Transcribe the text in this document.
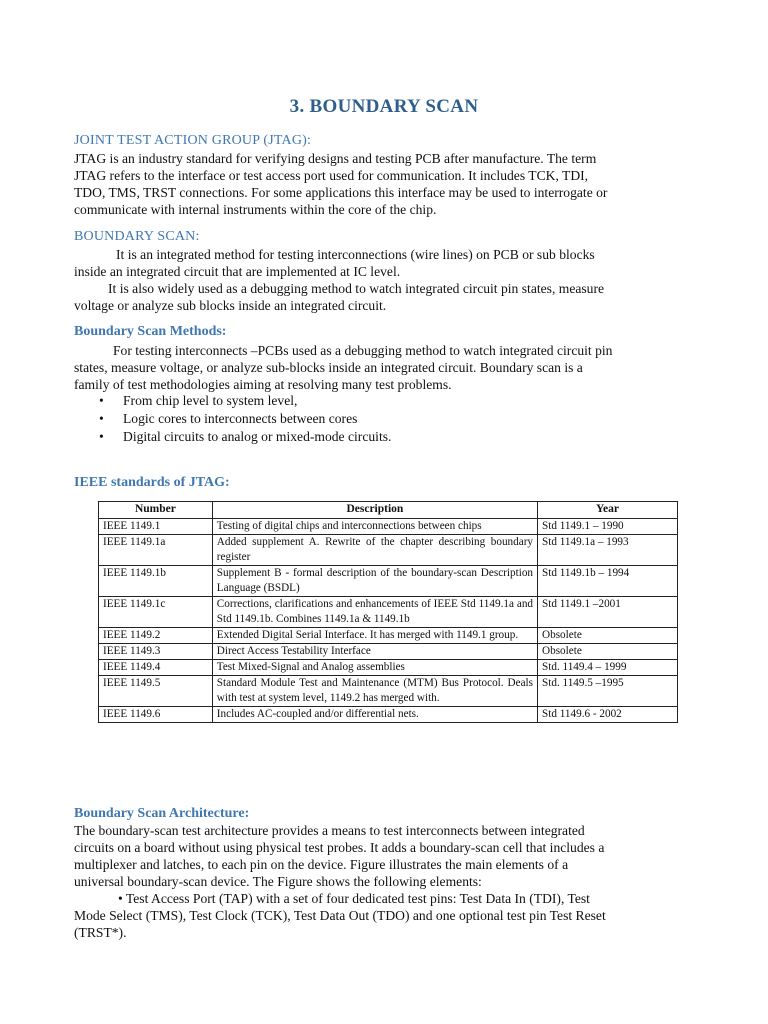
3. BOUNDARY SCAN
JOINT TEST ACTION GROUP (JTAG):
JTAG is an industry standard for verifying designs and testing PCB after manufacture. The term
JTAG refers to the interface or test access port used for communication. It includes TCK, TDI,
TDO, TMS, TRST connections. For some applications this interface may be used to interrogate or
communicate with internal instruments within the core of the chip.
BOUNDARY SCAN:
It is an integrated method for testing interconnections (wire lines) on PCB or sub blocks
inside an integrated circuit that are implemented at IC level.
It is also widely used as a debugging method to watch integrated circuit pin states, measure
voltage or analyze sub blocks inside an integrated circuit.
Boundary Scan Methods:
For testing interconnects –PCBs used as a debugging method to watch integrated circuit pin
states, measure voltage, or analyze sub-blocks inside an integrated circuit. Boundary scan is a
family of test methodologies aiming at resolving many test problems.
• From chip level to system level,
• Logic cores to interconnects between cores
• Digital circuits to analog or mixed-mode circuits.
IEEE standards of JTAG:
Number	Description	Year
IEEE 1149.1	Testing of digital chips and interconnections between chips	Std 1149.1 – 1990
IEEE 1149.1a	Added supplement A. Rewrite of the chapter describing boundary register	Std 1149.1a – 1993
IEEE 1149.1b	Supplement B - formal description of the boundary-scan Description Language (BSDL)	Std 1149.1b – 1994
IEEE 1149.1c	Corrections, clarifications and enhancements of IEEE Std 1149.1a and Std 1149.1b. Combines 1149.1a & 1149.1b	Std 1149.1 –2001
IEEE 1149.2	Extended Digital Serial Interface. It has merged with 1149.1 group.	Obsolete
IEEE 1149.3	Direct Access Testability Interface	Obsolete
IEEE 1149.4	Test Mixed-Signal and Analog assemblies	Std. 1149.4 – 1999
IEEE 1149.5	Standard Module Test and Maintenance (MTM) Bus Protocol. Deals with test at system level, 1149.2 has merged with.	Std. 1149.5 –1995
IEEE 1149.6	Includes AC-coupled and/or differential nets.	Std 1149.6 - 2002
Boundary Scan Architecture:
The boundary-scan test architecture provides a means to test interconnects between integrated
circuits on a board without using physical test probes. It adds a boundary-scan cell that includes a
multiplexer and latches, to each pin on the device. Figure illustrates the main elements of a
universal boundary-scan device. The Figure shows the following elements:
• Test Access Port (TAP) with a set of four dedicated test pins: Test Data In (TDI), Test
Mode Select (TMS), Test Clock (TCK), Test Data Out (TDO) and one optional test pin Test Reset
(TRST*).
